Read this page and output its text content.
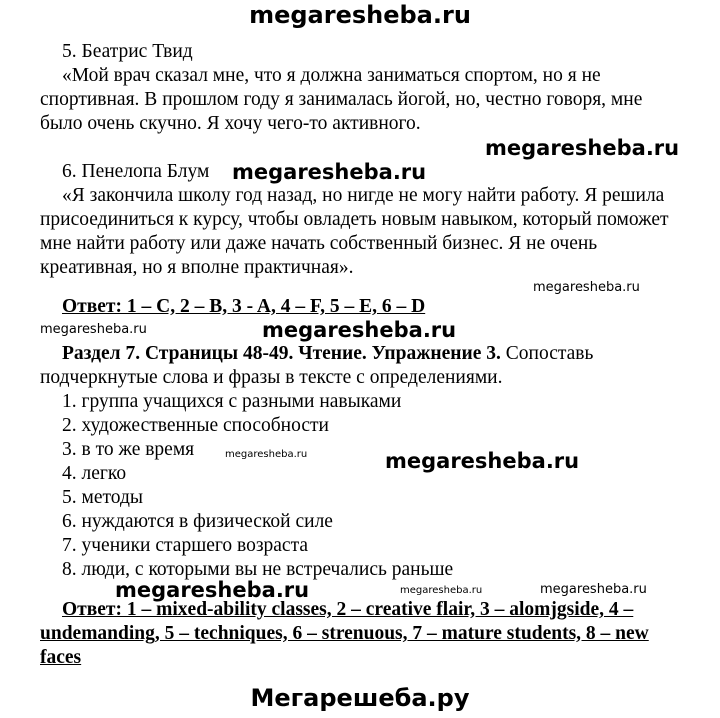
megaresheba.ru
5. Беатрис Твид
«Мой врач сказал мне, что я должна заниматься спортом, но я не
спортивная. В прошлом году я занималась йогой, но, честно говоря, мне
было очень скучно. Я хочу чего-то активного.
megaresheba.ru
6. Пенелопа Блум megaresheba.ru
«Я закончила школу год назад, но нигде не могу найти работу. Я решила
присоединиться к курсу, чтобы овладеть новым навыком, который поможет
мне найти работу или даже начать собственный бизнес. Я не очень
креативная, но я вполне практичная».
megaresheba.ru
Ответ: 1 – C, 2 – B, 3 - A, 4 – F, 5 – E, 6 – D
megaresheba.ru	megaresheba.ru
Раздел 7. Страницы 48-49. Чтение. Упражнение 3. Сопоставь
подчеркнутые слова и фразы в тексте с определениями.
1. группа учащихся с разными навыками
2. художественные способности
3. в то же время	megaresheba.ru	megaresheba.ru
4. легко
5. методы
6. нуждаются в физической силе
7. ученики старшего возраста
8. люди, с которыми вы не встречались раньше
megaresheba.ru	megaresheba.ru	megaresheba.ru
Ответ: 1 – mixed-ability classes, 2 – creative flair, 3 – alomjgside, 4 –
undemanding, 5 – techniques, 6 – strenuous, 7 – mature students, 8 – new
faces
Мегарешеба.ру
